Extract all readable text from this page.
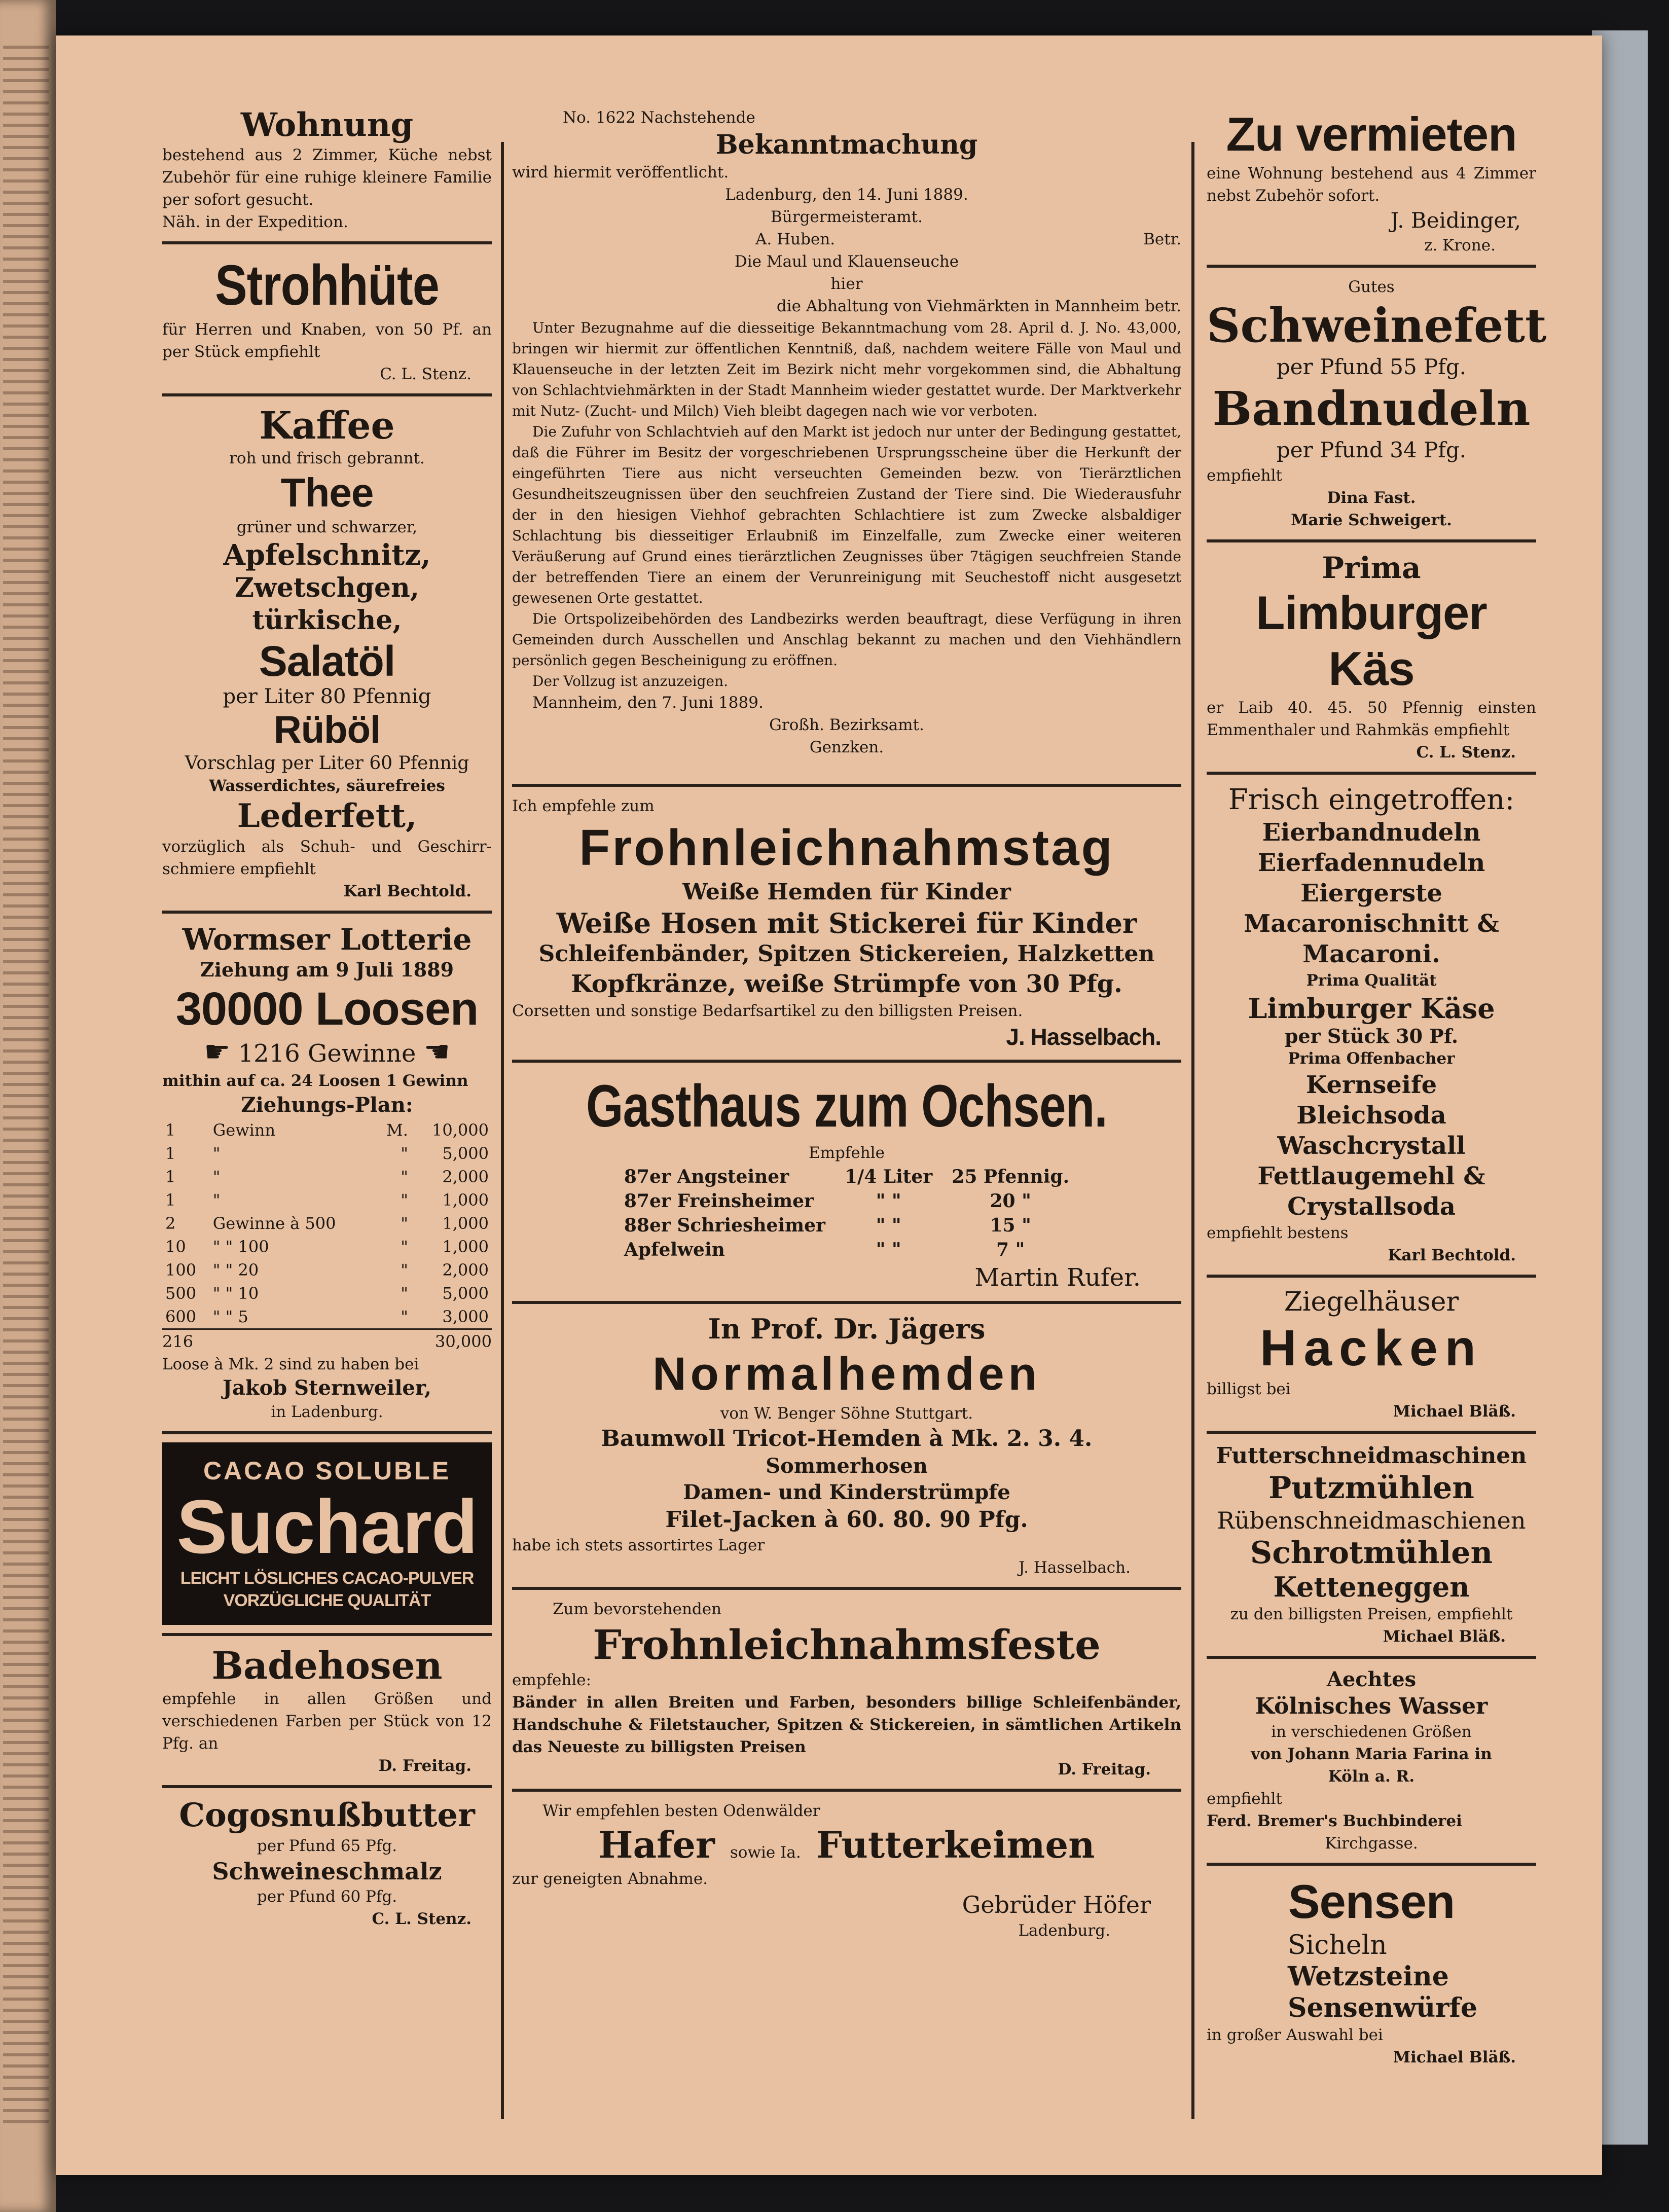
Wohnung
bestehend aus 2 Zimmer, Küche nebst Zubehör für eine ruhige kleinere Familie per sofort gesucht.
Näh. in der Expedition.
Strohhüte
für Herren und Knaben, von 50 Pf. an per Stück empfiehlt
C. L. Stenz.
Kaffee
roh und frisch gebrannt.
Thee
grüner und schwarzer,
Apfelschnitz,
Zwetschgen, türkische,
Salatöl
per Liter 80 Pfennig
Rüböl
Vorschlag per Liter 60 Pfennig
Wasserdichtes, säurefreies
Lederfett,
vorzüglich als Schuh- und Geschirr-schmiere empfiehlt
Karl Bechtold.
Wormser Lotterie
Ziehung am 9 Juli 1889
30000 Loosen
☛ 1216 Gewinne ☚
mithin auf ca. 24 Loosen 1 Gewinn
Ziehungs-Plan:
1	Gewinn	M.	10,000
1	"	"	5,000
1	"	"	2,000
1	"	"	1,000
2	Gewinne à 500	"	1,000
10	" " 100	"	1,000
100	" " 20	"	2,000
500	" " 10	"	5,000
600	" " 5	"	3,000
216	30,000
Loose à Mk. 2 sind zu haben bei
Jakob Sternweiler,
in Ladenburg.
CACAO SOLUBLE
Suchard
LEICHT LÖSLICHES CACAO-PULVER
VORZÜGLICHE QUALITÄT
Badehosen
empfehle in allen Größen und verschiedenen Farben per Stück von 12 Pfg. an
D. Freitag.
Cogosnußbutter
per Pfund 65 Pfg.
Schweineschmalz
per Pfund 60 Pfg.
C. L. Stenz.
No. 1622 Nachstehende
Bekanntmachung
wird hiermit veröffentlicht.
Ladenburg, den 14. Juni 1889.
Bürgermeisteramt.
A. Huben.	Betr.
Die Maul und Klauenseuche
hier
die Abhaltung von Viehmärkten in Mannheim betr.
Unter Bezugnahme auf die diesseitige Bekanntmachung vom 28. April d. J. No. 43,000, bringen wir hiermit zur öffentlichen Kenntniß, daß, nachdem weitere Fälle von Maul und Klauenseuche in der letzten Zeit im Bezirk nicht mehr vorgekommen sind, die Abhaltung von Schlachtviehmärkten in der Stadt Mannheim wieder gestattet wurde. Der Marktverkehr mit Nutz- (Zucht- und Milch) Vieh bleibt dagegen nach wie vor verboten.
Die Zufuhr von Schlachtvieh auf den Markt ist jedoch nur unter der Bedingung gestattet, daß die Führer im Besitz der vorgeschriebenen Ursprungsscheine über die Herkunft der eingeführten Tiere aus nicht verseuchten Gemeinden bezw. von Tierärztlichen Gesundheitszeugnissen über den seuchfreien Zustand der Tiere sind. Die Wiederausfuhr der in den hiesigen Viehhof gebrachten Schlachtiere ist zum Zwecke alsbaldiger Schlachtung bis diesseitiger Erlaubniß im Einzelfalle, zum Zwecke einer weiteren Veräußerung auf Grund eines tierärztlichen Zeugnisses über 7tägigen seuchfreien Stande der betreffenden Tiere an einem der Verunreinigung mit Seuchestoff nicht ausgesetzt gewesenen Orte gestattet.
Die Ortspolizeibehörden des Landbezirks werden beauftragt, diese Verfügung in ihren Gemeinden durch Ausschellen und Anschlag bekannt zu machen und den Viehhändlern persönlich gegen Bescheinigung zu eröffnen.
Der Vollzug ist anzuzeigen.
Mannheim, den 7. Juni 1889.
Großh. Bezirksamt.
Genzken.
Ich empfehle zum
Frohnleichnahmstag
Weiße Hemden für Kinder
Weiße Hosen mit Stickerei für Kinder
Schleifenbänder, Spitzen Stickereien, Halzketten
Kopfkränze, weiße Strümpfe von 30 Pfg.
Corsetten und sonstige Bedarfsartikel zu den billigsten Preisen.
J. Hasselbach.
Gasthaus zum Ochsen.
Empfehle
87er Angsteiner	1/4 Liter	25 Pfennig.
87er Freinsheimer	" "	20 "
88er Schriesheimer	" "	15 "
Apfelwein	" "	7 "
Martin Rufer.
In Prof. Dr. Jägers
Normalhemden
von W. Benger Söhne Stuttgart.
Baumwoll Tricot-Hemden à Mk. 2. 3. 4.
Sommerhosen
Damen- und Kinderstrümpfe
Filet-Jacken à 60. 80. 90 Pfg.
habe ich stets assortirtes Lager
J. Hasselbach.
Zum bevorstehenden
Frohnleichnahmsfeste
empfehle:
Bänder in allen Breiten und Farben, besonders billige Schleifenbänder, Handschuhe & Filetstaucher, Spitzen & Stickereien, in sämtlichen Artikeln das Neueste zu billigsten Preisen
D. Freitag.
Wir empfehlen besten Odenwälder
Hafer sowie Ia. Futterkeimen
zur geneigten Abnahme.
Gebrüder Höfer
Ladenburg.
Zu vermieten
eine Wohnung bestehend aus 4 Zimmer nebst Zubehör sofort.
J. Beidinger,
z. Krone.
Gutes
Schweinefett
per Pfund 55 Pfg.
Bandnudeln
per Pfund 34 Pfg.
empfiehlt
Dina Fast.
Marie Schweigert.
Prima
Limburger Käs
er Laib 40. 45. 50 Pfennig einsten Emmenthaler und Rahmkäs empfiehlt
C. L. Stenz.
Frisch eingetroffen:
Eierbandnudeln
Eierfadennudeln
Eiergerste
Macaronischnitt &
Macaroni.
Prima Qualität
Limburger Käse
per Stück 30 Pf.
Prima Offenbacher
Kernseife
Bleichsoda
Waschcrystall
Fettlaugemehl &
Crystallsoda
empfiehlt bestens
Karl Bechtold.
Ziegelhäuser
Hacken
billigst bei
Michael Bläß.
Futterschneidmaschinen
Putzmühlen
Rübenschneidmaschienen
Schrotmühlen
Ketteneggen
zu den billigsten Preisen, empfiehlt
Michael Bläß.
Aechtes
Kölnisches Wasser
in verschiedenen Größen
von Johann Maria Farina in
Köln a. R.
empfiehlt
Ferd. Bremer's Buchbinderei
Kirchgasse.
Sensen
Sicheln
Wetzsteine
Sensenwürfe
in großer Auswahl bei
Michael Bläß.
